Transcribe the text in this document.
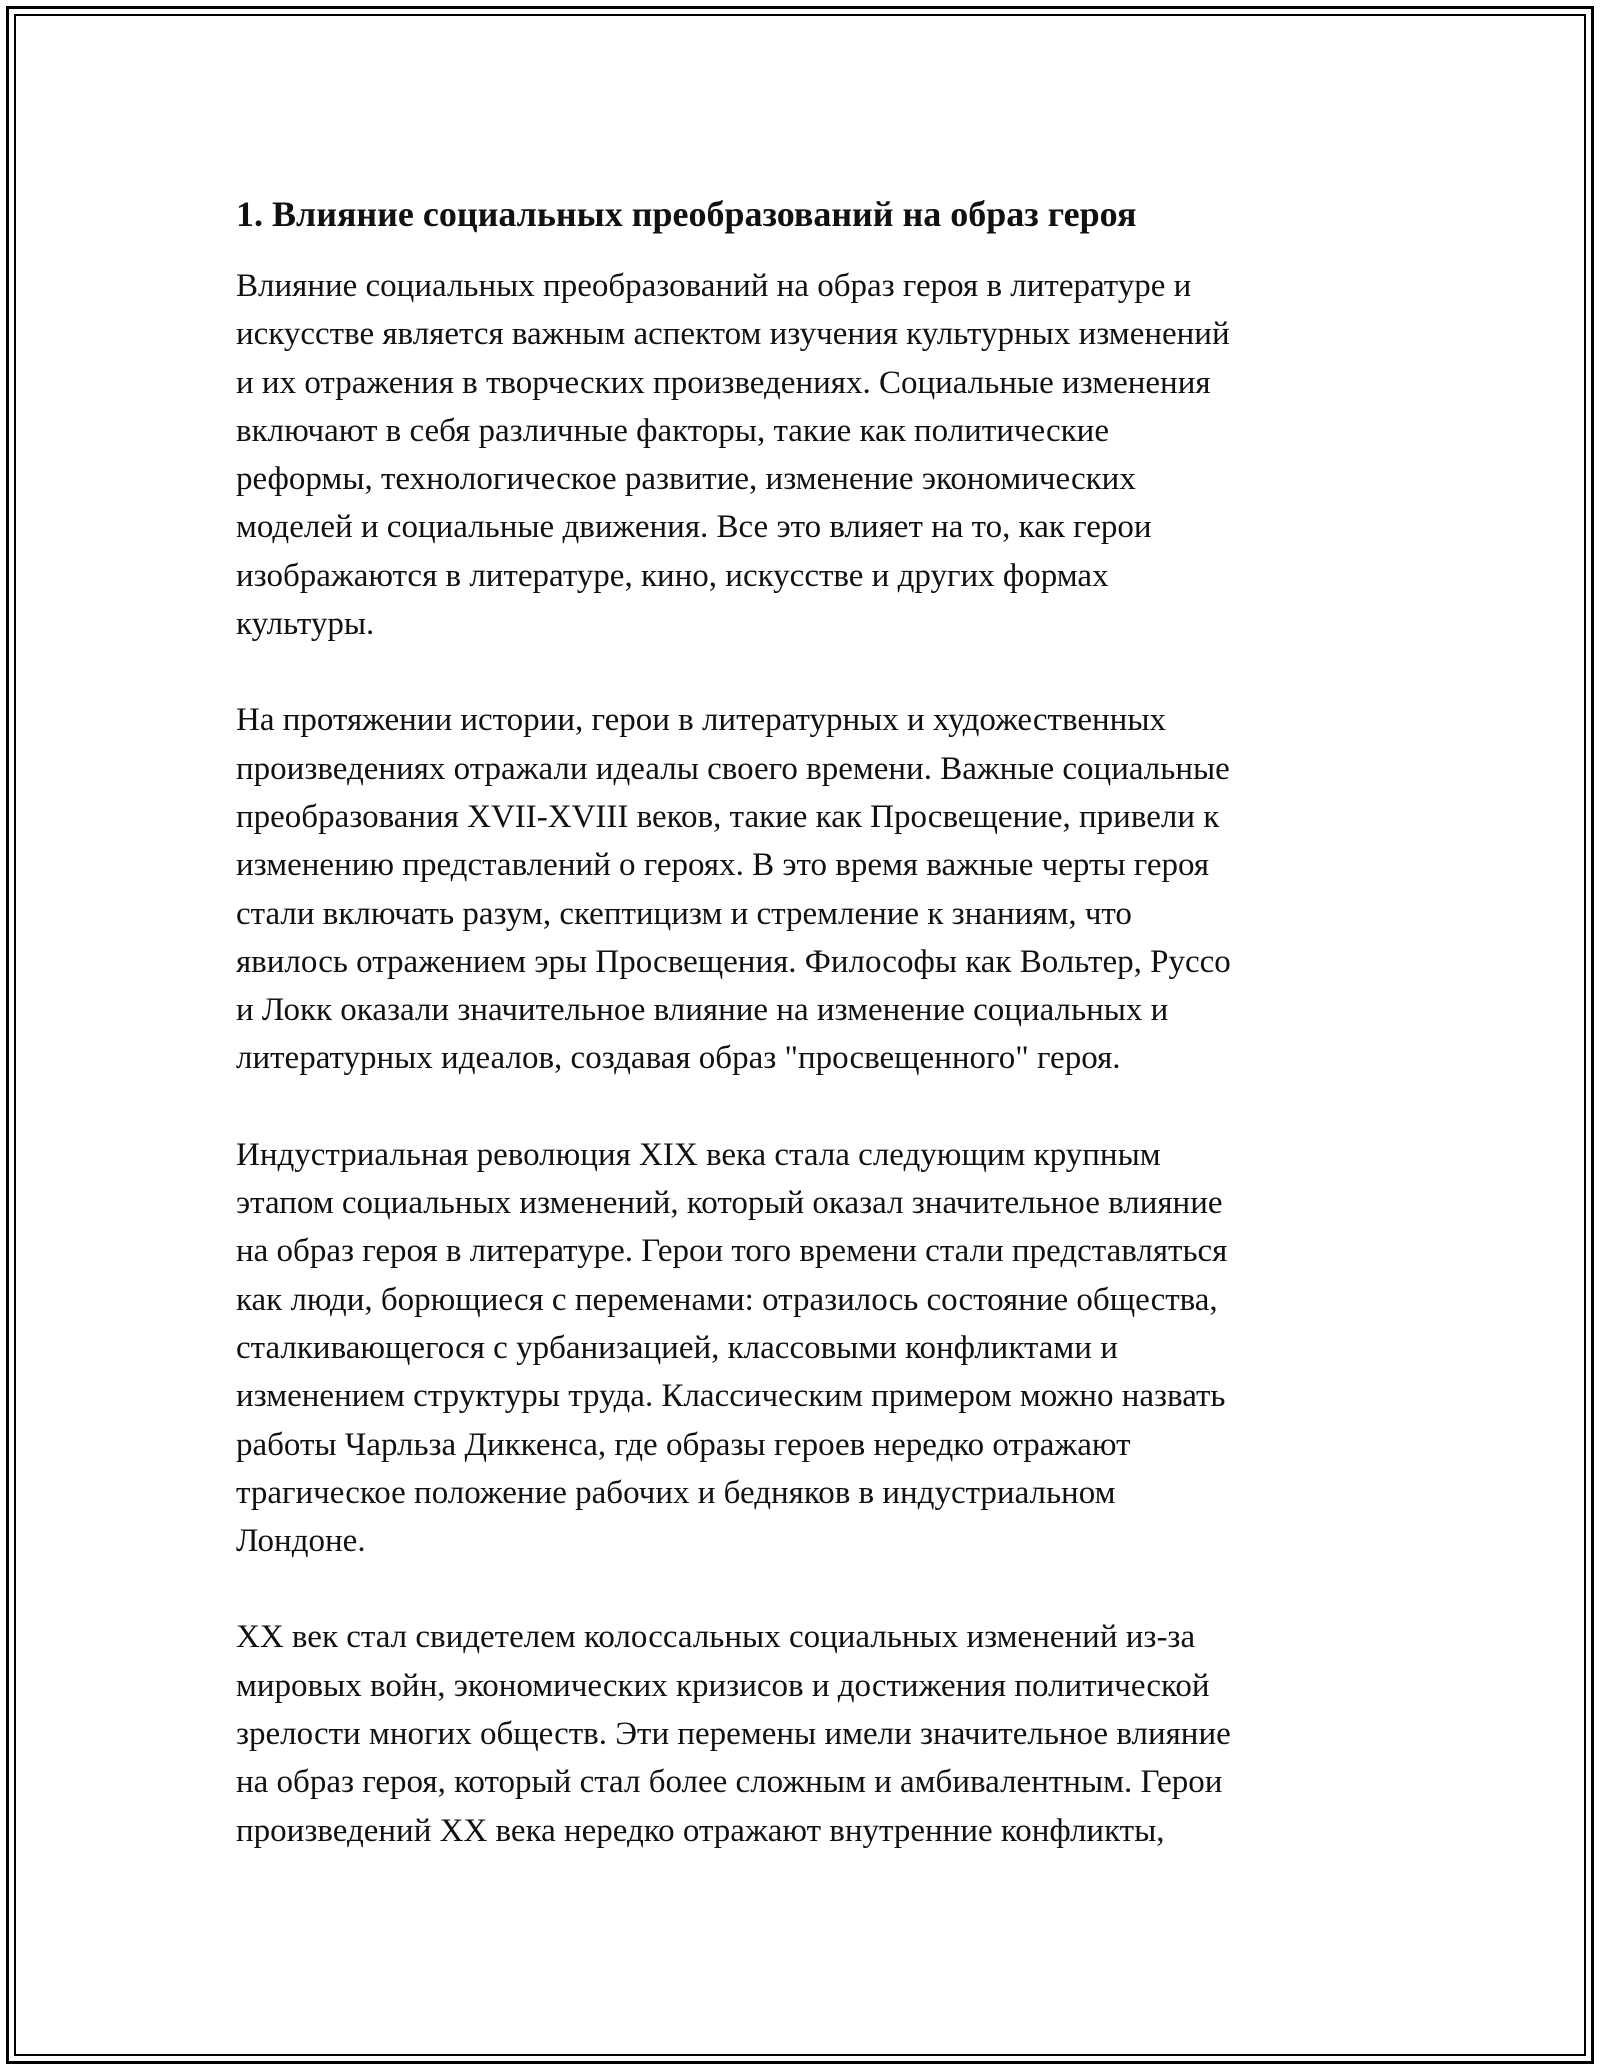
1. Влияние социальных преобразований на образ героя

Влияние социальных преобразований на образ героя в литературе и
искусстве является важным аспектом изучения культурных изменений
и их отражения в творческих произведениях. Социальные изменения
включают в себя различные факторы, такие как политические
реформы, технологическое развитие, изменение экономических
моделей и социальные движения. Все это влияет на то, как герои
изображаются в литературе, кино, искусстве и других формах
культуры.

На протяжении истории, герои в литературных и художественных
произведениях отражали идеалы своего времени. Важные социальные
преобразования XVII-XVIII веков, такие как Просвещение, привели к
изменению представлений о героях. В это время важные черты героя
стали включать разум, скептицизм и стремление к знаниям, что
явилось отражением эры Просвещения. Философы как Вольтер, Руссо
и Локк оказали значительное влияние на изменение социальных и
литературных идеалов, создавая образ "просвещенного" героя.

Индустриальная революция XIX века стала следующим крупным
этапом социальных изменений, который оказал значительное влияние
на образ героя в литературе. Герои того времени стали представляться
как люди, борющиеся с переменами: отразилось состояние общества,
сталкивающегося с урбанизацией, классовыми конфликтами и
изменением структуры труда. Классическим примером можно назвать
работы Чарльза Диккенса, где образы героев нередко отражают
трагическое положение рабочих и бедняков в индустриальном
Лондоне.

XX век стал свидетелем колоссальных социальных изменений из-за
мировых войн, экономических кризисов и достижения политической
зрелости многих обществ. Эти перемены имели значительное влияние
на образ героя, который стал более сложным и амбивалентным. Герои
произведений XX века нередко отражают внутренние конфликты,
